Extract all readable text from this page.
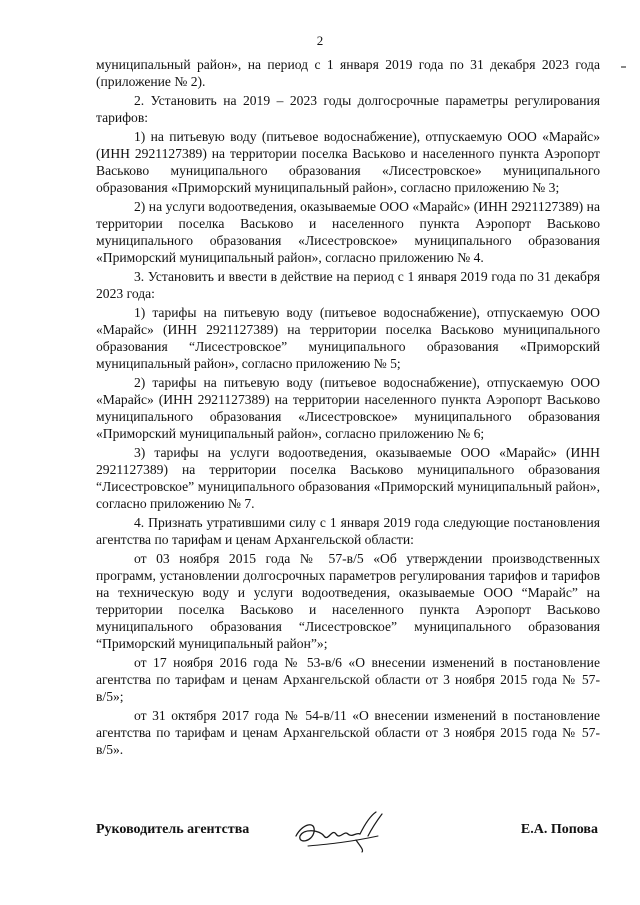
2

муниципальный район», на период с 1 января 2019 года по 31 декабря 2023 года (приложение № 2).

2. Установить на 2019 – 2023 годы долгосрочные параметры регулирования тарифов:

1) на питьевую воду (питьевое водоснабжение), отпускаемую ООО «Марайс» (ИНН 2921127389) на территории поселка Васьково и населенного пункта Аэропорт Васьково муниципального образования «Лисестровское» муниципального образования «Приморский муниципальный район», согласно приложению № 3;

2) на услуги водоотведения, оказываемые ООО «Марайс» (ИНН 2921127389) на территории поселка Васьково и населенного пункта Аэропорт Васьково муниципального образования «Лисестровское» муниципального образования «Приморский муниципальный район», согласно приложению № 4.

3. Установить и ввести в действие на период с 1 января 2019 года по 31 декабря 2023 года:

1) тарифы на питьевую воду (питьевое водоснабжение), отпускаемую ООО «Марайс» (ИНН 2921127389) на территории поселка Васьково муниципального образования “Лисестровское” муниципального образования «Приморский муниципальный район», согласно приложению № 5;

2) тарифы на питьевую воду (питьевое водоснабжение), отпускаемую ООО «Марайс» (ИНН 2921127389) на территории населенного пункта Аэропорт Васьково муниципального образования «Лисестровское» муниципального образования «Приморский муниципальный район», согласно приложению № 6;

3) тарифы на услуги водоотведения, оказываемые ООО «Марайс» (ИНН 2921127389) на территории поселка Васьково муниципального образования “Лисестровское” муниципального образования «Приморский муниципальный район», согласно приложению № 7.

4. Признать утратившими силу с 1 января 2019 года следующие постановления агентства по тарифам и ценам Архангельской области:

от 03 ноября 2015 года № 57-в/5 «Об утверждении производственных программ, установлении долгосрочных параметров регулирования тарифов и тарифов на техническую воду и услуги водоотведения, оказываемые ООО “Марайс” на территории поселка Васьково и населенного пункта Аэропорт Васьково муниципального образования “Лисестровское” муниципального образования “Приморский муниципальный район”»;

от 17 ноября 2016 года № 53-в/6 «О внесении изменений в постановление агентства по тарифам и ценам Архангельской области от 3 ноября 2015 года № 57-в/5»;

от 31 октября 2017 года № 54-в/11 «О внесении изменений в постановление агентства по тарифам и ценам Архангельской области от 3 ноября 2015 года № 57-в/5».

Руководитель агентства	Е.А. Попова
